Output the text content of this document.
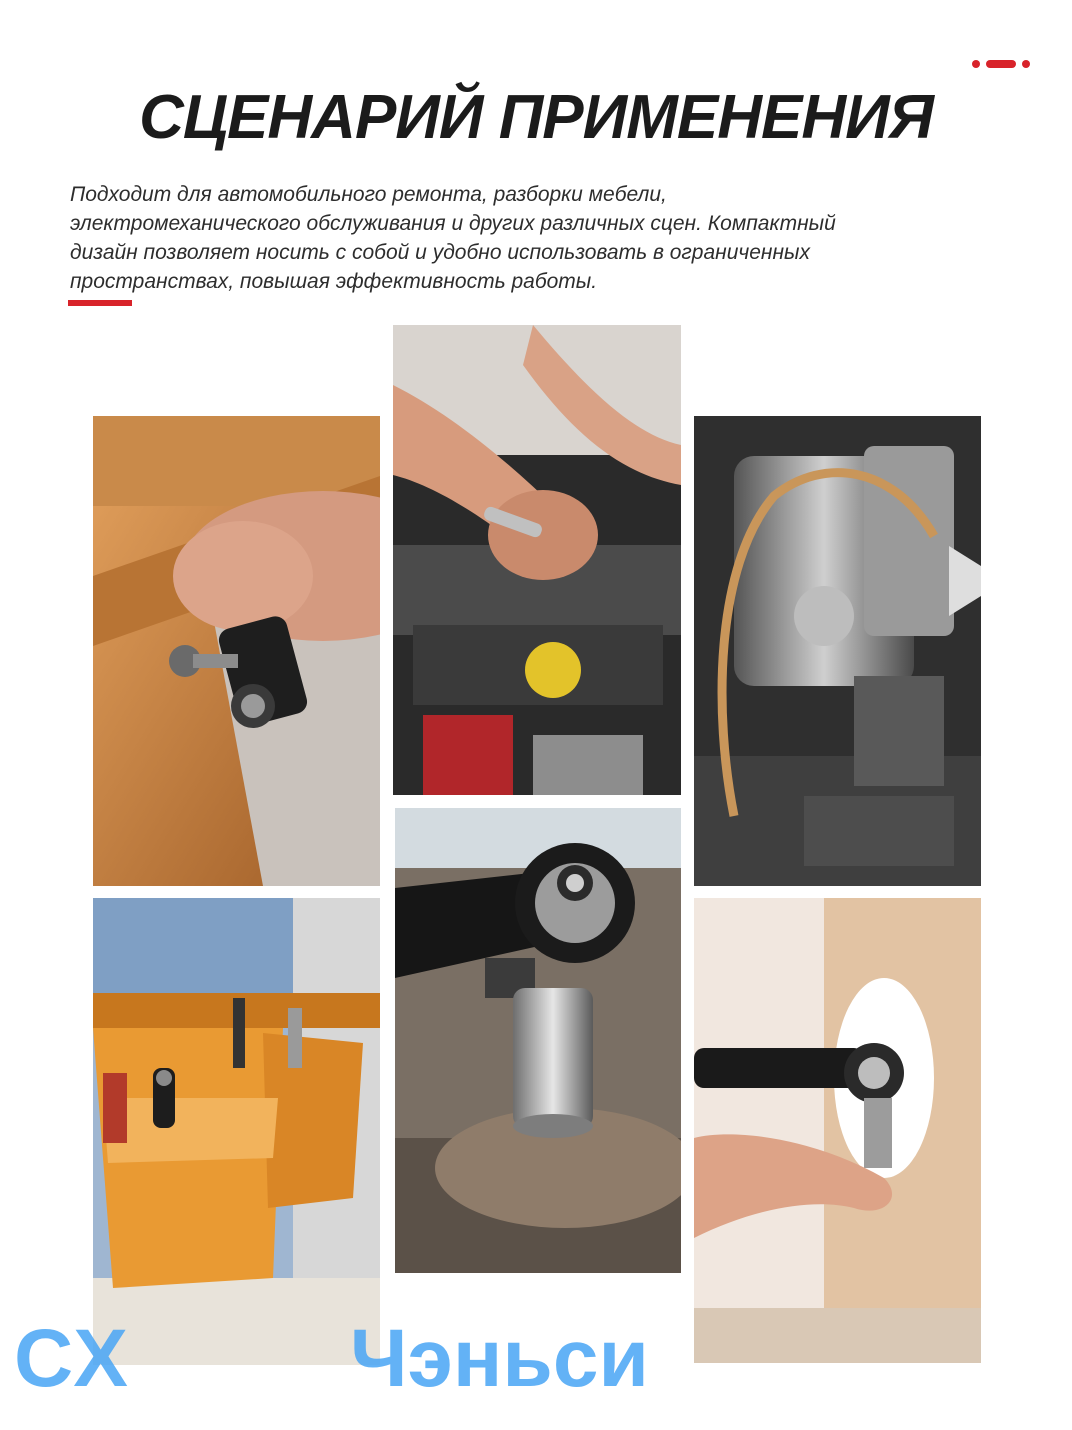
СЦЕНАРИЙ ПРИМЕНЕНИЯ

Подходит для автомобильного ремонта, разборки мебели,
электромеханического обслуживания и других различных сцен. Компактный
дизайн позволяет носить с собой и удобно использовать в ограниченных
пространствах, повышая эффективность работы.

CX	Чэньси
